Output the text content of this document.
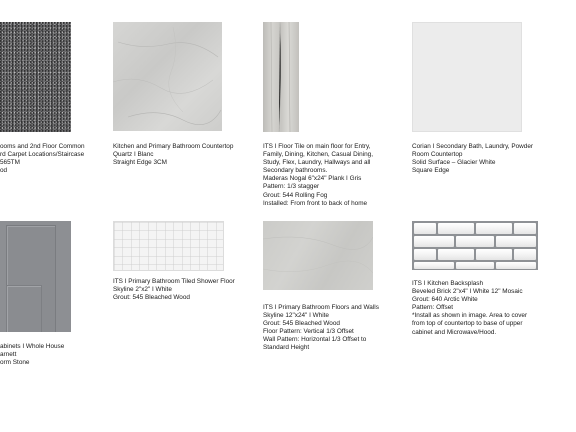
ooms and 2nd Floor Common
rd Carpet Locations/Staircase
565TM
od
Kitchen and Primary Bathroom Countertop
Quartz I Blanc
Straight Edge 3CM
ITS I Floor Tile on main floor for Entry,
Family, Dining, Kitchen, Casual Dining,
Study, Flex, Laundry, Hallways and all
Secondary bathrooms.
Maderas Nogal 6"x24" Plank I Gris
Pattern: 1/3 stagger
Grout: 544 Rolling Fog
Installed: From front to back of home
Corian I Secondary Bath, Laundry, Powder
Room Countertop
Solid Surface – Glacier White
Square Edge
abinets I Whole House
arnett
orm Stone
ITS I Primary Bathroom Tiled Shower Floor
Skyline 2"x2" I White
Grout: 545 Bleached Wood
ITS I Primary Bathroom Floors and Walls
Skyline 12"x24" I White
Grout: 545 Bleached Wood
Floor Pattern: Vertical 1/3 Offset
Wall Pattern: Horizontal 1/3 Offset to
Standard Height
ITS I Kitchen Backsplash
Beveled Brick 2"x4" I White 12" Mosaic
Grout: 640 Arctic White
Pattern: Offset
*Install as shown in image. Area to cover
from top of countertop to base of upper
cabinet and Microwave/Hood.
